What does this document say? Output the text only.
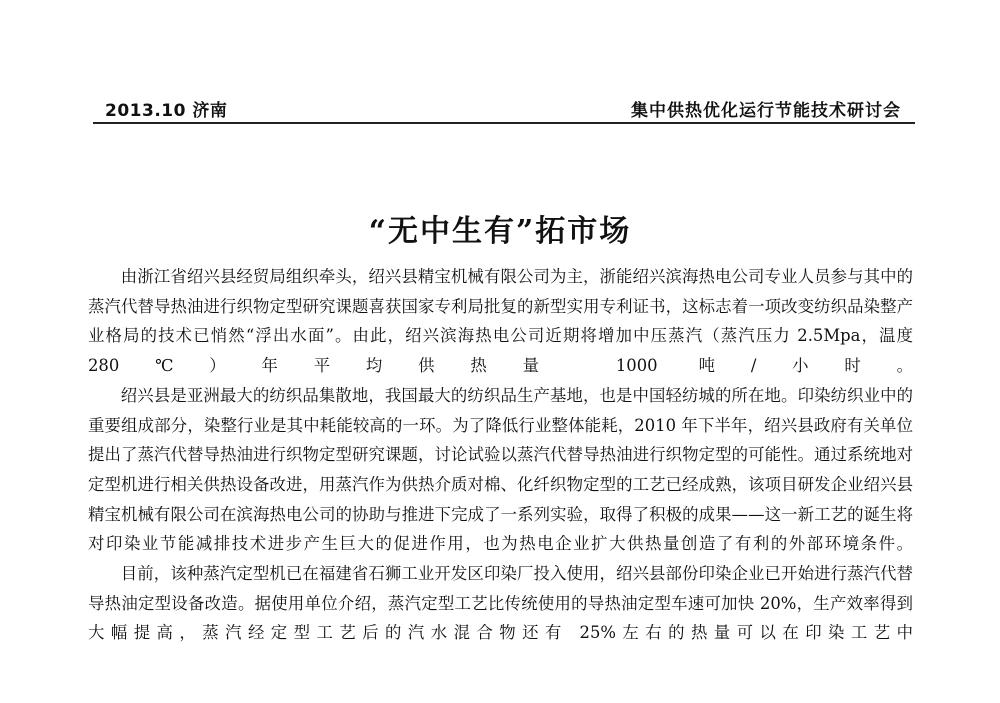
2013.10 济南	集中供热优化运行节能技术研讨会
“无中生有”拓市场

由浙江省绍兴县经贸局组织牵头，绍兴县精宝机械有限公司为主，浙能绍兴滨海热电公司专业人员参与其中的蒸汽代替导热油进行织物定型研究课题喜获国家专利局批复的新型实用专利证书，这标志着一项改变纺织品染整产业格局的技术已悄然“浮出水面”。由此，绍兴滨海热电公司近期将增加中压蒸汽（蒸汽压力 2.5Mpa，温度 280℃）年平均供热量 1000 吨/小时。

绍兴县是亚洲最大的纺织品集散地，我国最大的纺织品生产基地，也是中国轻纺城的所在地。印染纺织业中的重要组成部分，染整行业是其中耗能较高的一环。为了降低行业整体能耗，2010 年下半年，绍兴县政府有关单位提出了蒸汽代替导热油进行织物定型研究课题，讨论试验以蒸汽代替导热油进行织物定型的可能性。通过系统地对定型机进行相关供热设备改进，用蒸汽作为供热介质对棉、化纤织物定型的工艺已经成熟，该项目研发企业绍兴县精宝机械有限公司在滨海热电公司的协助与推进下完成了一系列实验，取得了积极的成果——这一新工艺的诞生将对印染业节能减排技术进步产生巨大的促进作用，也为热电企业扩大供热量创造了有利的外部环境条件。

目前，该种蒸汽定型机已在福建省石狮工业开发区印染厂投入使用，绍兴县部份印染企业已开始进行蒸汽代替导热油定型设备改造。据使用单位介绍，蒸汽定型工艺比传统使用的导热油定型车速可加快 20%，生产效率得到大幅提高，蒸汽经定型工艺后的汽水混合物还有 25%左右的热量可以在印染工艺中
